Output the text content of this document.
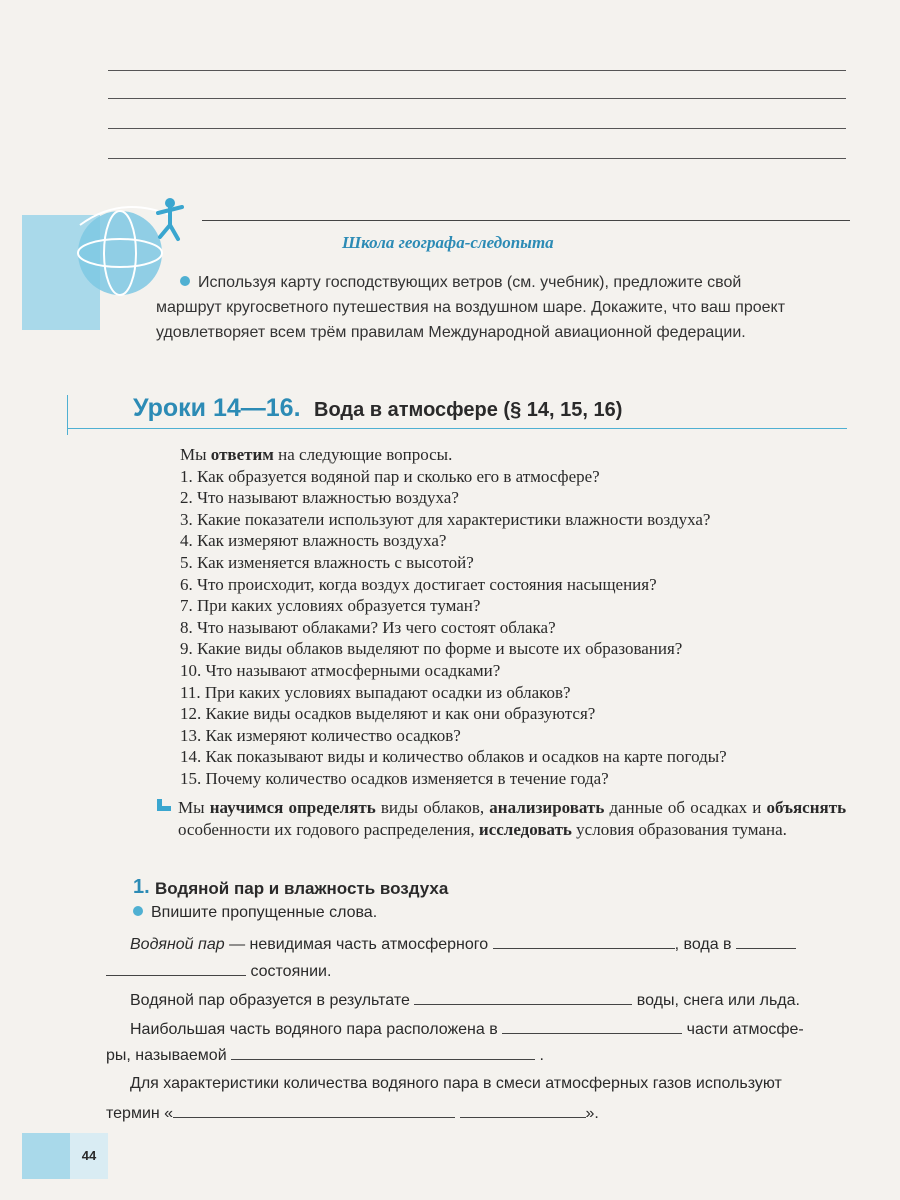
Школа географа-следопыта
Используя карту господствующих ветров (см. учебник), предложите свой
маршрут кругосветного путешествия на воздушном шаре. Докажите, что ваш проект
удовлетворяет всем трём правилам Международной авиационной федерации.
Уроки 14—16. Вода в атмосфере (§ 14, 15, 16)
Мы ответим на следующие вопросы.
1. Как образуется водяной пар и сколько его в атмосфере?
2. Что называют влажностью воздуха?
3. Какие показатели используют для характеристики влажности воздуха?
4. Как измеряют влажность воздуха?
5. Как изменяется влажность с высотой?
6. Что происходит, когда воздух достигает состояния насыщения?
7. При каких условиях образуется туман?
8. Что называют облаками? Из чего состоят облака?
9. Какие виды облаков выделяют по форме и высоте их образования?
10. Что называют атмосферными осадками?
11. При каких условиях выпадают осадки из облаков?
12. Какие виды осадков выделяют и как они образуются?
13. Как измеряют количество осадков?
14. Как показывают виды и количество облаков и осадков на карте погоды?
15. Почему количество осадков изменяется в течение года?
Мы научимся определять виды облаков, анализировать данные об осадках и объяснять особенности их годового распределения, исследовать условия образования тумана.
1. Водяной пар и влажность воздуха
Впишите пропущенные слова.
Водяной пар — невидимая часть атмосферного	, вода в
состоянии.
Водяной пар образуется в результате	воды, снега или льда.
Наибольшая часть водяного пара расположена в	части атмосфе-
ры, называемой	.
Для характеристики количества водяного пара в смеси атмосферных газов используют
термин «	».
44
